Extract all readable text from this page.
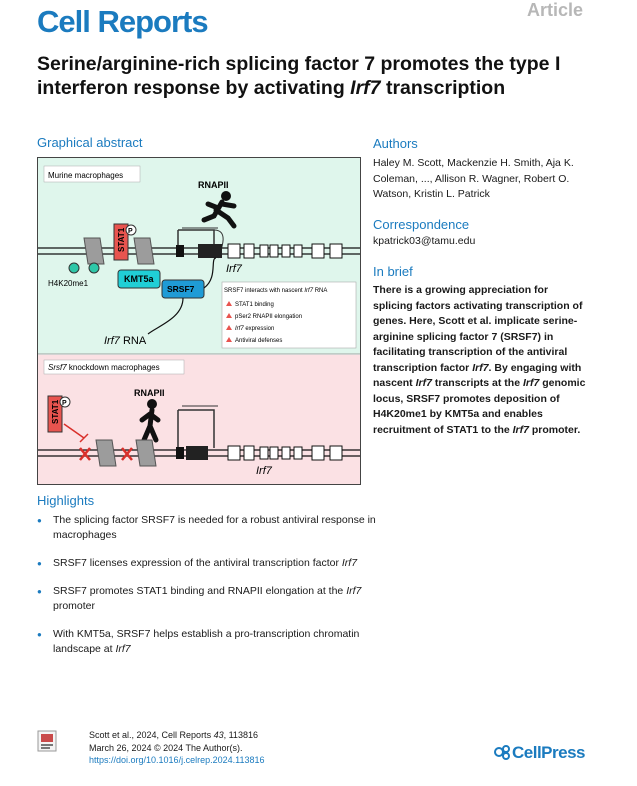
Cell Reports	Article
Serine/arginine-rich splicing factor 7 promotes the type I interferon response by activating Irf7 transcription
Graphical abstract
Murine macrophages
RNAPII
Irf7
STAT1 P
H4K20me1	KMT5a
SRSF7
Irf7 RNA
SRSF7 interacts with nascent Irf7 RNA
STAT1 binding
pSer2 RNAPII elongation
Irf7 expression
Antiviral defenses
Srsf7 knockdown macrophages
RNAPII
Irf7
STAT1 P
Authors
Haley M. Scott, Mackenzie H. Smith, Aja K. Coleman, ..., Allison R. Wagner, Robert O. Watson, Kristin L. Patrick
Correspondence
kpatrick03@tamu.edu
In brief
There is a growing appreciation for splicing factors activating transcription of genes. Here, Scott et al. implicate serine-arginine splicing factor 7 (SRSF7) in facilitating transcription of the antiviral transcription factor Irf7. By engaging with nascent Irf7 transcripts at the Irf7 genomic locus, SRSF7 promotes deposition of H4K20me1 by KMT5a and enables recruitment of STAT1 to the Irf7 promoter.
Highlights
● The splicing factor SRSF7 is needed for a robust antiviral response in macrophages
● SRSF7 licenses expression of the antiviral transcription factor Irf7
● SRSF7 promotes STAT1 binding and RNAPII elongation at the Irf7 promoter
● With KMT5a, SRSF7 helps establish a pro-transcription chromatin landscape at Irf7
Scott et al., 2024, Cell Reports 43, 113816
March 26, 2024 © 2024 The Author(s).
https://doi.org/10.1016/j.celrep.2024.113816	CellPress
